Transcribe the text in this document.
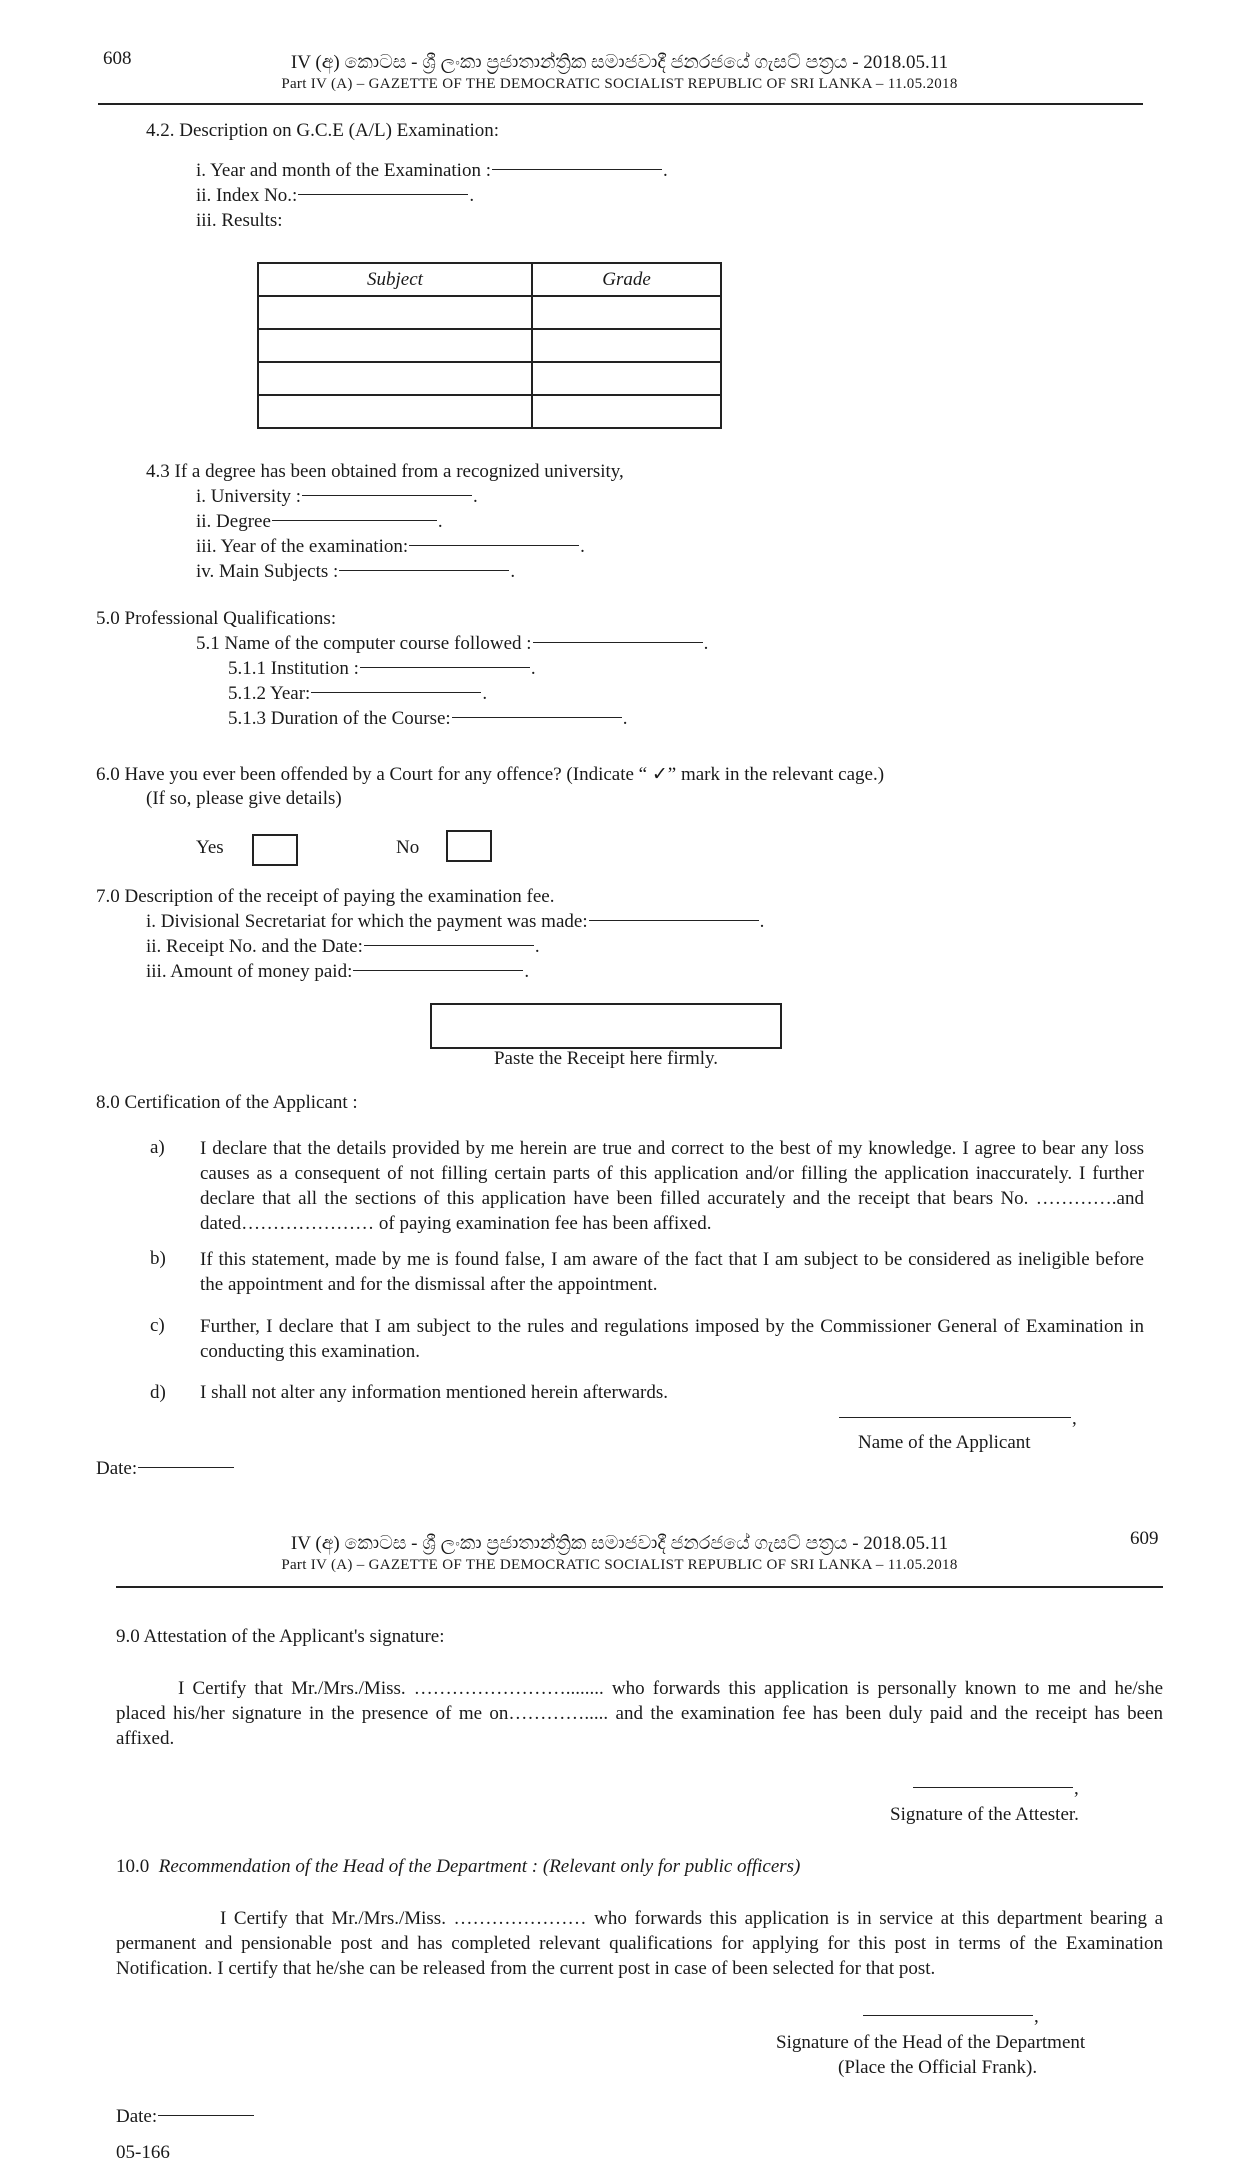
608	IV (අ) කොටස - ශ්‍රී ලංකා ප්‍රජාතාන්ත්‍රික සමාජවාදී ජනරජයේ ගැසට් පත්‍රය - 2018.05.11
Part IV (A) – GAZETTE OF THE DEMOCRATIC SOCIALIST REPUBLIC OF SRI LANKA – 11.05.2018
4.2. Description on G.C.E (A/L) Examination:
i. Year and month of the Examination :	.
ii. Index No.:	.
iii. Results:
Subject	Grade

4.3 If a degree has been obtained from a recognized university,
i. University :	.
ii. Degree	.
iii. Year of the examination:	.
iv. Main Subjects :	.
5.0 Professional Qualifications:
5.1 Name of the computer course followed :	.
5.1.1 Institution :	.
5.1.2 Year:	.
5.1.3 Duration of the Course:	.
6.0 Have you ever been offended by a Court for any offence? (Indicate “ ✓” mark in the relevant cage.)
(If so, please give details)
Yes	No
7.0 Description of the receipt of paying the examination fee.
i. Divisional Secretariat for which the payment was made:	.
ii. Receipt No. and the Date:	.
iii. Amount of money paid:	.
Paste the Receipt here firmly.
8.0 Certification of the Applicant :
a) I declare that the details provided by me herein are true and correct to the best of my knowledge. I agree to bear any loss causes as a consequent of not filling certain parts of this application and/or filling the application inaccurately. I further declare that all the sections of this application have been filled accurately and the receipt that bears No. ………….and dated………………… of paying examination fee has been affixed.
b) If this statement, made by me is found false, I am aware of the fact that I am subject to be considered as ineligible before the appointment and for the dismissal after the appointment.
c) Further, I declare that I am subject to the rules and regulations imposed by the Commissioner General of Examination in conducting this examination.
d) I shall not alter any information mentioned herein afterwards.
,
Name of the Applicant
Date:
IV (අ) කොටස - ශ්‍රී ලංකා ප්‍රජාතාන්ත්‍රික සමාජවාදී ජනරජයේ ගැසට් පත්‍රය - 2018.05.11
Part IV (A) – GAZETTE OF THE DEMOCRATIC SOCIALIST REPUBLIC OF SRI LANKA – 11.05.2018
609
9.0 Attestation of the Applicant's signature:
I Certify that Mr./Mrs./Miss. ……………………........ who forwards this application is personally known to me and he/she placed his/her signature in the presence of me on…………..... and the examination fee has been duly paid and the receipt has been affixed.
,
Signature of the Attester.
10.0 Recommendation of the Head of the Department : (Relevant only for public officers)
I Certify that Mr./Mrs./Miss. ………………… who forwards this application is in service at this department bearing a permanent and pensionable post and has completed relevant qualifications for applying for this post in terms of the Examination Notification. I certify that he/she can be released from the current post in case of been selected for that post.
,
Signature of the Head of the Department
(Place the Official Frank).
Date:
05-166
